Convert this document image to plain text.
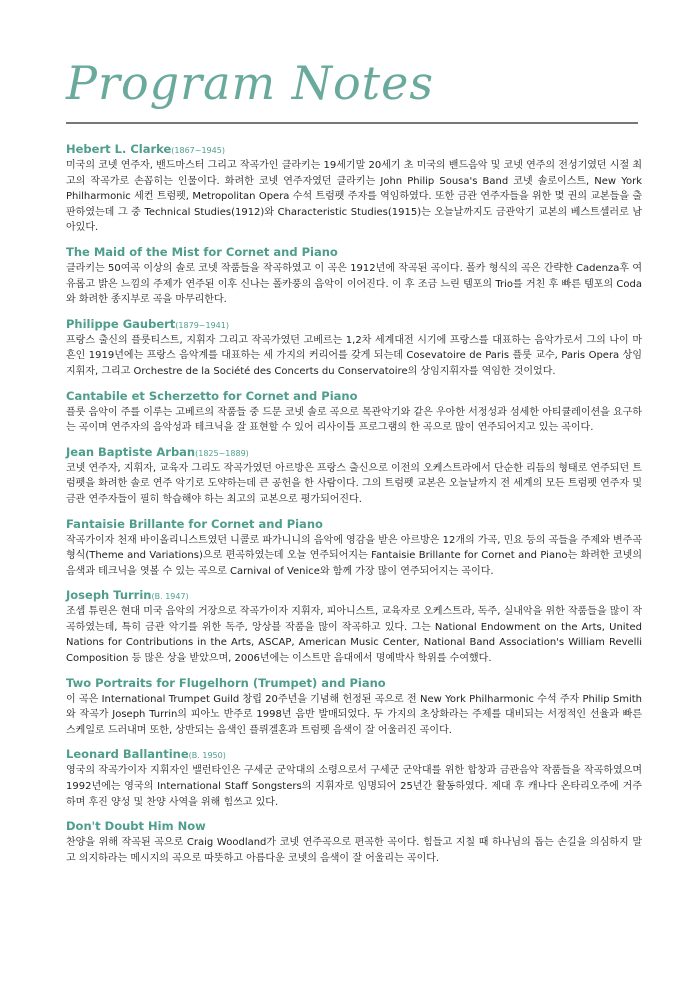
Program Notes

Hebert L. Clarke(1867~1945)

미국의 코넷 연주자, 밴드마스터 그리고 작곡가인 클라키는 19세기말 20세기 초 미국의 밴드음악 및 코넷 연주의 전성기였던 시절 최고의 작곡가로 손꼽히는 인물이다. 화려한 코넷 연주자였던 클라키는 John Philip Sousa's Band 코넷 솔로이스트, New York Philharmonic 세컨 트럼펫, Metropolitan Opera 수석 트럼펫 주자를 역임하였다. 또한 금관 연주자들을 위한 몇 권의 교본들을 출판하였는데 그 중 Technical Studies(1912)와 Characteristic Studies(1915)는 오늘날까지도 금관악기 교본의 베스트셀러로 남아있다.

The Maid of the Mist for Cornet and Piano

클라키는 50여곡 이상의 솔로 코넷 작품들을 작곡하였고 이 곡은 1912년에 작곡된 곡이다. 폴카 형식의 곡은 간략한 Cadenza후 여유롭고 밝은 느낌의 주제가 연주된 이후 신나는 폴카풍의 음악이 이어진다. 이 후 조금 느린 템포의 Trio를 거친 후 빠른 템포의 Coda와 화려한 종지부로 곡을 마무리한다.

Philippe Gaubert(1879~1941)

프랑스 출신의 플룻티스트, 지휘자 그리고 작곡가였던 고베르는 1,2차 세계대전 시기에 프랑스를 대표하는 음악가로서 그의 나이 마흔인 1919년에는 프랑스 음악계를 대표하는 세 가지의 커리어를 갖게 되는데 Cosevatoire de Paris 플룻 교수, Paris Opera 상임지휘자, 그리고 Orchestre de la Société des Concerts du Conservatoire의 상임지휘자를 역임한 것이었다.

Cantabile et Scherzetto for Cornet and Piano

플룻 음악이 주를 이루는 고베르의 작품들 중 드문 코넷 솔로 곡으로 목관악기와 같은 우아한 서정성과 섬세한 아티큘레이션을 요구하는 곡이며 연주자의 음악성과 테크닉을 잘 표현할 수 있어 리사이틀 프로그램의 한 곡으로 많이 연주되어지고 있는 곡이다.

Jean Baptiste Arban(1825~1889)

코넷 연주자, 지휘자, 교육자 그리도 작곡가였던 아르방은 프랑스 출신으로 이전의 오케스트라에서 단순한 리듬의 형태로 연주되던 트럼펫을 화려한 솔로 연주 악기로 도약하는데 큰 공헌을 한 사람이다. 그의 트럼펫 교본은 오늘날까지 전 세계의 모든 트럼펫 연주자 및 금관 연주자들이 필히 학습해야 하는 최고의 교본으로 평가되어진다.

Fantaisie Brillante for Cornet and Piano

작곡가이자 천재 바이올리니스트였던 니콜로 파가니니의 음악에 영감을 받은 아르방은 12개의 가곡, 민요 등의 곡들을 주제와 변주곡 형식(Theme and Variations)으로 편곡하였는데 오늘 연주되어지는 Fantaisie Brillante for Cornet and Piano는 화려한 코넷의 음색과 테크닉을 엿볼 수 있는 곡으로 Carnival of Venice와 함께 가장 많이 연주되어지는 곡이다.

Joseph Turrin(B. 1947)

조셉 튜린은 현대 미국 음악의 거장으로 작곡가이자 지휘자, 피아니스트, 교육자로 오케스트라, 독주, 실내악을 위한 작품들을 많이 작곡하였는데, 특히 금관 악기를 위한 독주, 앙상블 작품을 많이 작곡하고 있다. 그는 National Endowment on the Arts, United Nations for Contributions in the Arts, ASCAP, American Music Center, National Band Association's William Revelli Composition 등 많은 상을 받았으며, 2006년에는 이스트만 음대에서 명예박사 학위를 수여했다.

Two Portraits for Flugelhorn (Trumpet) and Piano

이 곡은 International Trumpet Guild 창립 20주년을 기념해 헌정된 곡으로 전 New York Philharmonic 수석 주자 Philip Smith와 작곡가 Joseph Turrin의 피아노 반주로 1998년 음반 발매되었다. 두 가지의 초상화라는 주제를 대비되는 서정적인 선율과 빠른 스케일로 드러내며 또한, 상반되는 음색인 플뤼겔혼과 트럼펫 음색이 잘 어울러진 곡이다.

Leonard Ballantine(B. 1950)

영국의 작곡가이자 지휘자인 밸런타인은 구세군 군악대의 소령으로서 구세군 군악대를 위한 합창과 금관음악 작품들을 작곡하였으며 1992년에는 영국의 International Staff Songsters의 지휘자로 임명되어 25년간 활동하였다. 제대 후 캐나다 온타리오주에 거주하며 후진 양성 및 찬양 사역을 위해 힘쓰고 있다.

Don't Doubt Him Now

찬양을 위해 작곡된 곡으로 Craig Woodland가 코넷 연주곡으로 편곡한 곡이다. 힘들고 지칠 때 하나님의 돕는 손길을 의심하지 말고 의지하라는 메시지의 곡으로 따뜻하고 아름다운 코넷의 음색이 잘 어울리는 곡이다.
